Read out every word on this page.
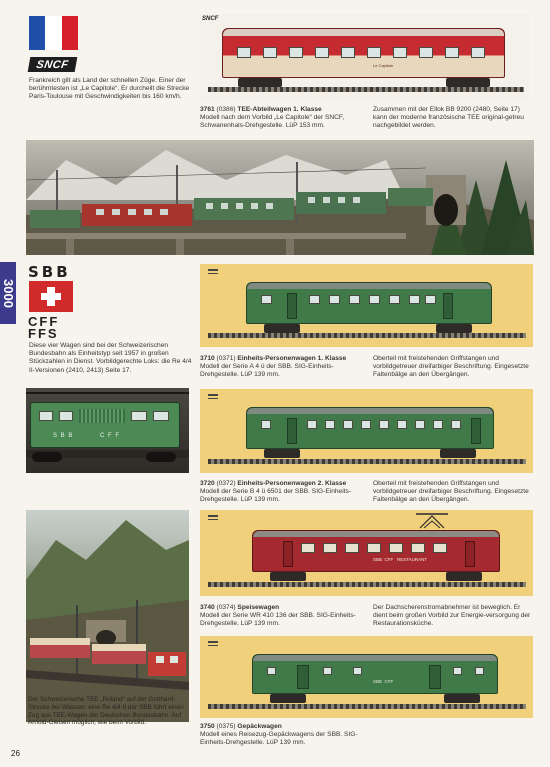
SNCF
Frankreich gilt als Land der schnellen Züge. Einer der berühmtesten ist „Le Capitole“. Er durcheilt die Strecke Paris-Toulouse mit Geschwindigkeiten bis 160 km/h.
SNCF
Le Capitole
3761 (0386) TEE-Abteilwagen 1. Klasse
Modell nach dem Vorbild „Le Capitole“ der SNCF, Schwanenhals-Drehgestelle. LüP 153 mm.
Zusammen mit der Ellok BB 9200 (2480, Seite 17) kann der moderne französische TEE original-getreu nachgebildet werden.
3000
SBB
CFF FFS
Diese vier Wagen sind bei der Schweizerischen Bundesbahn als Einheitstyp seit 1957 in großen Stückzahlen in Dienst. Vorbildgerechte Loks: die Re 4/4 II-Versionen (2410, 2413) Seite 17.
3710 (0371) Einheits-Personenwagen 1. Klasse
Modell der Serie A 4 ü der SBB. SIG-Einheits-Drehgestelle. LüP 139 mm.
Oberteil mit freistehenden Griffstangen und vorbildgetreuer dreifarbiger Beschriftung. Eingesetzte Faltenbälge an den Übergängen.
S B B          C F F
3720 (0372) Einheits-Personenwagen 2. Klasse
Modell der Serie B 4 ü 6501 der SBB. SIG-Einheits-Drehgestelle. LüP 139 mm.
Oberteil mit freistehenden Griffstangen und vorbildgetreuer dreifarbiger Beschriftung. Eingesetzte Faltenbälge an den Übergängen.
Der Schweizerische TEE „Roland“ auf der Gotthard-Strecke bei Wassen: eine Re 4/4 II der SBB führt einen Zug aus TEE-Wagen der Deutschen Bundesbahn. Auf Arnold-Gleisen möglich, wie beim Vorbild.
SBB  CFF   RESTAURANT
3740 (0374) Speisewagen
Modell der Serie WR 410 136 der SBB. SIG-Einheits-Drehgestelle. LüP 139 mm.
Der Dachscherenstromabnehmer ist beweglich. Er dient beim großen Vorbild zur Energie-versorgung der Restaurationsküche.
SBB  CFF
3750 (0375) Gepäckwagen
Modell eines Reisezug-Gepäckwagens der SBB. SIG-Einheits-Drehgestelle. LüP 139 mm.
26
